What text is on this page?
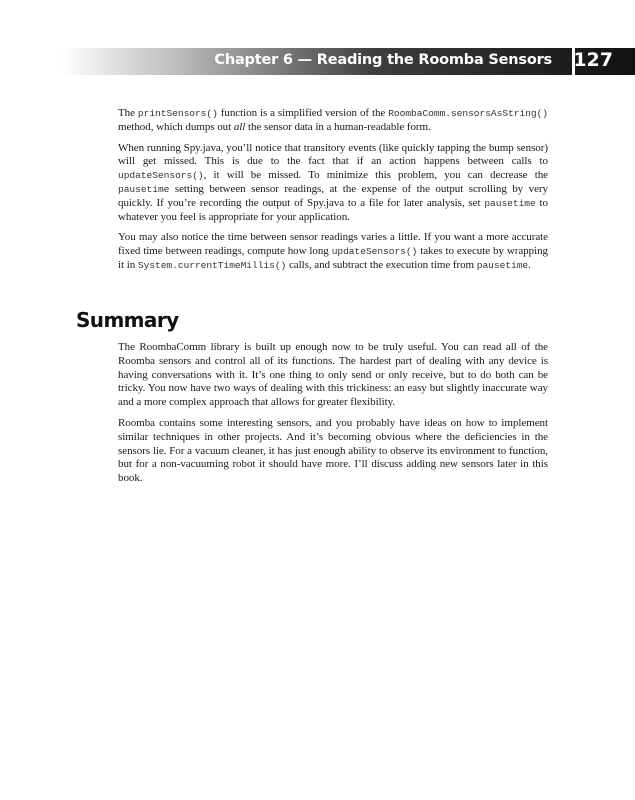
Chapter 6 — Reading the Roomba Sensors 127

The printSensors() function is a simplified version of the RoombaComm.sensorsAsString() method, which dumps out all the sensor data in a human-readable form.

When running Spy.java, you’ll notice that transitory events (like quickly tapping the bump sensor) will get missed. This is due to the fact that if an action happens between calls to updateSensors(), it will be missed. To minimize this problem, you can decrease the pausetime setting between sensor readings, at the expense of the output scrolling by very quickly. If you’re recording the output of Spy.java to a file for later analysis, set pausetime to whatever you feel is appropriate for your application.

You may also notice the time between sensor readings varies a little. If you want a more accurate fixed time between readings, compute how long updateSensors() takes to execute by wrapping it in System.currentTimeMillis() calls, and subtract the execution time from pausetime.

Summary

The RoombaComm library is built up enough now to be truly useful. You can read all of the Roomba sensors and control all of its functions. The hardest part of dealing with any device is having conversations with it. It’s one thing to only send or only receive, but to do both can be tricky. You now have two ways of dealing with this trickiness: an easy but slightly inaccurate way and a more complex approach that allows for greater flexibility.

Roomba contains some interesting sensors, and you probably have ideas on how to implement similar techniques in other projects. And it’s becoming obvious where the deficiencies in the sensors lie. For a vacuum cleaner, it has just enough ability to observe its environment to function, but for a non-vacuuming robot it should have more. I’ll discuss adding new sensors later in this book.
